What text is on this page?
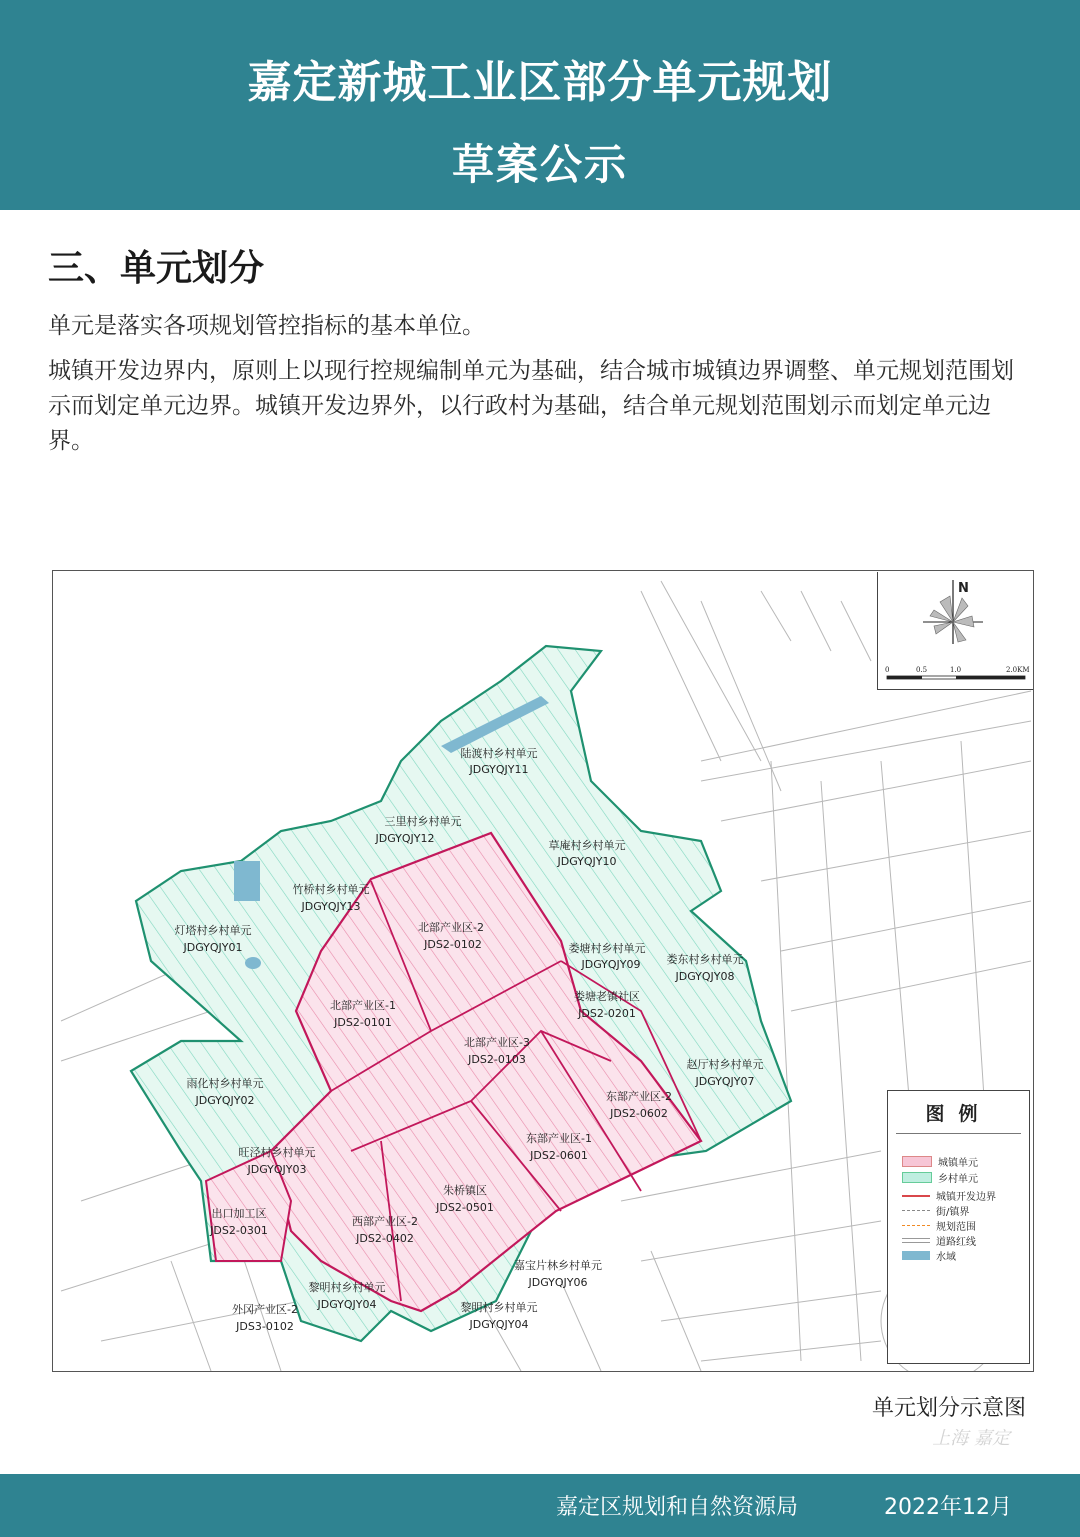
嘉定新城工业区部分单元规划
草案公示
三、单元划分
单元是落实各项规划管控指标的基本单位。
城镇开发边界内，原则上以现行控规编制单元为基础，结合城市城镇边界调整、单元规划范围划示而划定单元边界。城镇开发边界外，以行政村为基础，结合单元规划范围划示而划定单元边界。
陆渡村乡村单元
JDGYQJY11
三里村乡村单元
JDGYQJY12
草庵村乡村单元
JDGYQJY10
竹桥村乡村单元
JDGYQJY13
灯塔村乡村单元
JDGYQJY01
北部产业区-2
JDS2-0102	娄塘村乡村单元
JDGYQJY09 娄东村乡村单元
JDGYQJY08
北部产业区-1
JDS2-0101
娄塘老镇社区
JDS2-0201
北部产业区-3
JDS2-0103	赵厅村乡村单元
JDGYQJY07
雨化村乡村单元
JDGYQJY02	东部产业区-2
JDS2-0602
东部产业区-1
JDS2-0601
旺泾村乡村单元
JDGYQJY03
朱桥镇区
JDS2-0501
出口加工区
JDS2-0301
西部产业区-2
JDS2-0402
嘉宝片林乡村单元
JDGYQJY06
黎明村乡村单元
JDGYQJY04
外冈产业区-2
JDS3-0102
黎明村乡村单元
JDGYQJY04
N
0	0.5	1.0	2.0KM
图例
城镇单元
乡村单元
城镇开发边界
街/镇界
规划范围
道路红线
水域
单元划分示意图
上海 嘉定
嘉定区规划和自然资源局	2022年12月
